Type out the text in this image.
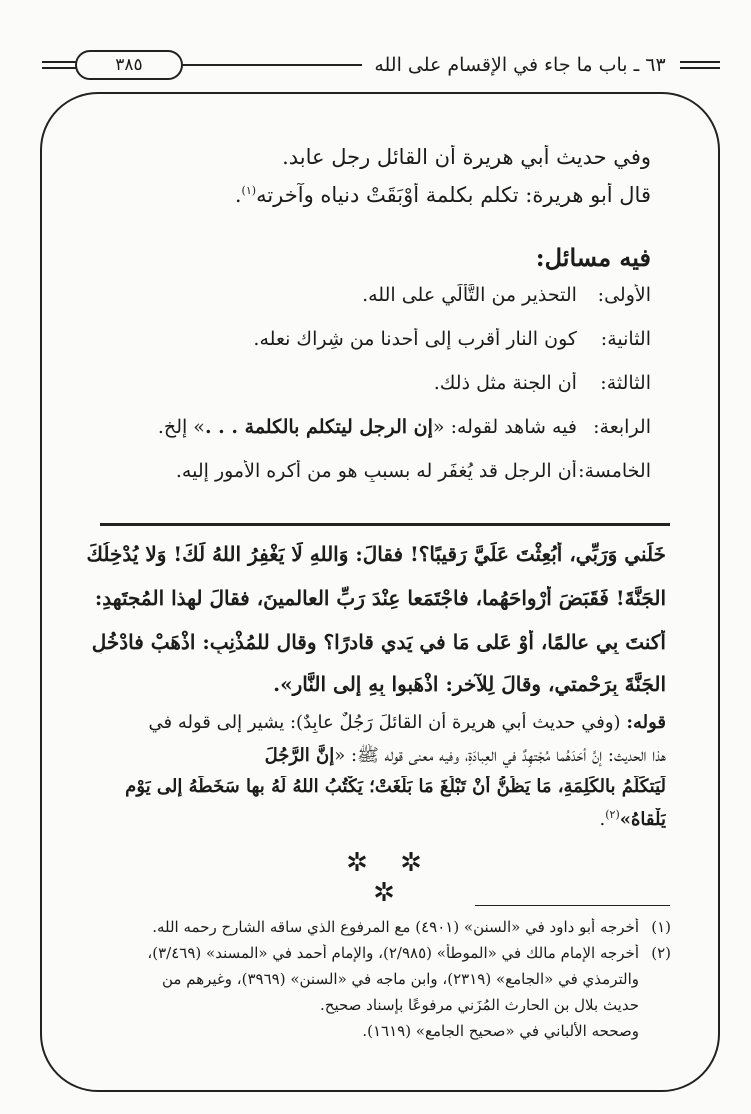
٣٨٥	٦٣ ـ باب ما جاء في الإقسام على الله
وفي حديث أبي هريرة أن القائل رجل عابد.
قال أبو هريرة: تكلم بكلمة أَوْبَقَتْ دنياه وآخرته$^{(١)}$.
فيه مسائل:
الأولى: التحذير من التَّأَلِّي على الله.
الثانية: كون النار أقرب إلى أحدنا من شِراك نعله.
الثالثة: أن الجنة مثل ذلك.
الرابعة: فيه شاهد لقوله: «إن الرجل ليتكلم بالكلمة . . .» إلخ.
الخامسة: أن الرجل قد يُغفَر له بسببٍ هو من أكره الأمور إليه.
خَلِّني وَرَبِّي، أَبُعِثْتَ عَلَيَّ رَقيبًا؟! فقالَ: وَاللهِ لَا يَغْفِرُ اللهُ لَكَ! وَلا يُدْخِلُكَ
الجَنَّةَ! فَقَبَضَ أرْواحَهُما، فاجْتَمَعا عِنْدَ رَبِّ العالمينَ، فقالَ لهذا المُجتَهِدِ:
أَكنتَ بِي عالمًا، أَوْ عَلى مَا في يَدي قادرًا؟ وقال للمُذْنِبِ: اذْهَبْ فادْخُلِ
الجَنَّةَ بِرَحْمتي، وقالَ لِلآخرِ: اذْهَبوا بِهِ إلى النَّارِ».
قوله: (وفي حديث أبي هريرة أن القائلَ رَجُلٌ عابِدٌ): يشير إلى قوله في
هذا الحديث: إنَّ أحَدَهُما مُجْتهِدٌ في العِبادَةِ، وفيه معنى قوله ﷺ: «إنَّ الرَّجُلَ
لَيَتكَلَّمُ بالكَلِمَةِ، مَا يَظُنُّ أَنْ تَبْلُغَ مَا بَلَغَتْ؛ يَكْتُبُ اللهُ لَهُ بها سَخَطَهُ إلى يَوْمِ
يَلْقاهُ»$^{(٢)}$.
✲ ✲ ✲
(١)أخرجه أبو داود في «السنن» (٤٩٠١) مع المرفوع الذي ساقه الشارح رحمه الله.
(٢)أخرجه الإمام مالك في «الموطأ» (٢/٩٨٥)، والإمام أحمد في «المسند» (٣/٤٦٩)،
والترمذي في «الجامع» (٢٣١٩)، وابن ماجه في «السنن» (٣٩٦٩)، وغيرهم من
حديث بلال بن الحارث المُزَني مرفوعًا بإسناد صحيح.
وصححه الألباني في «صحيح الجامع» (١٦١٩).
